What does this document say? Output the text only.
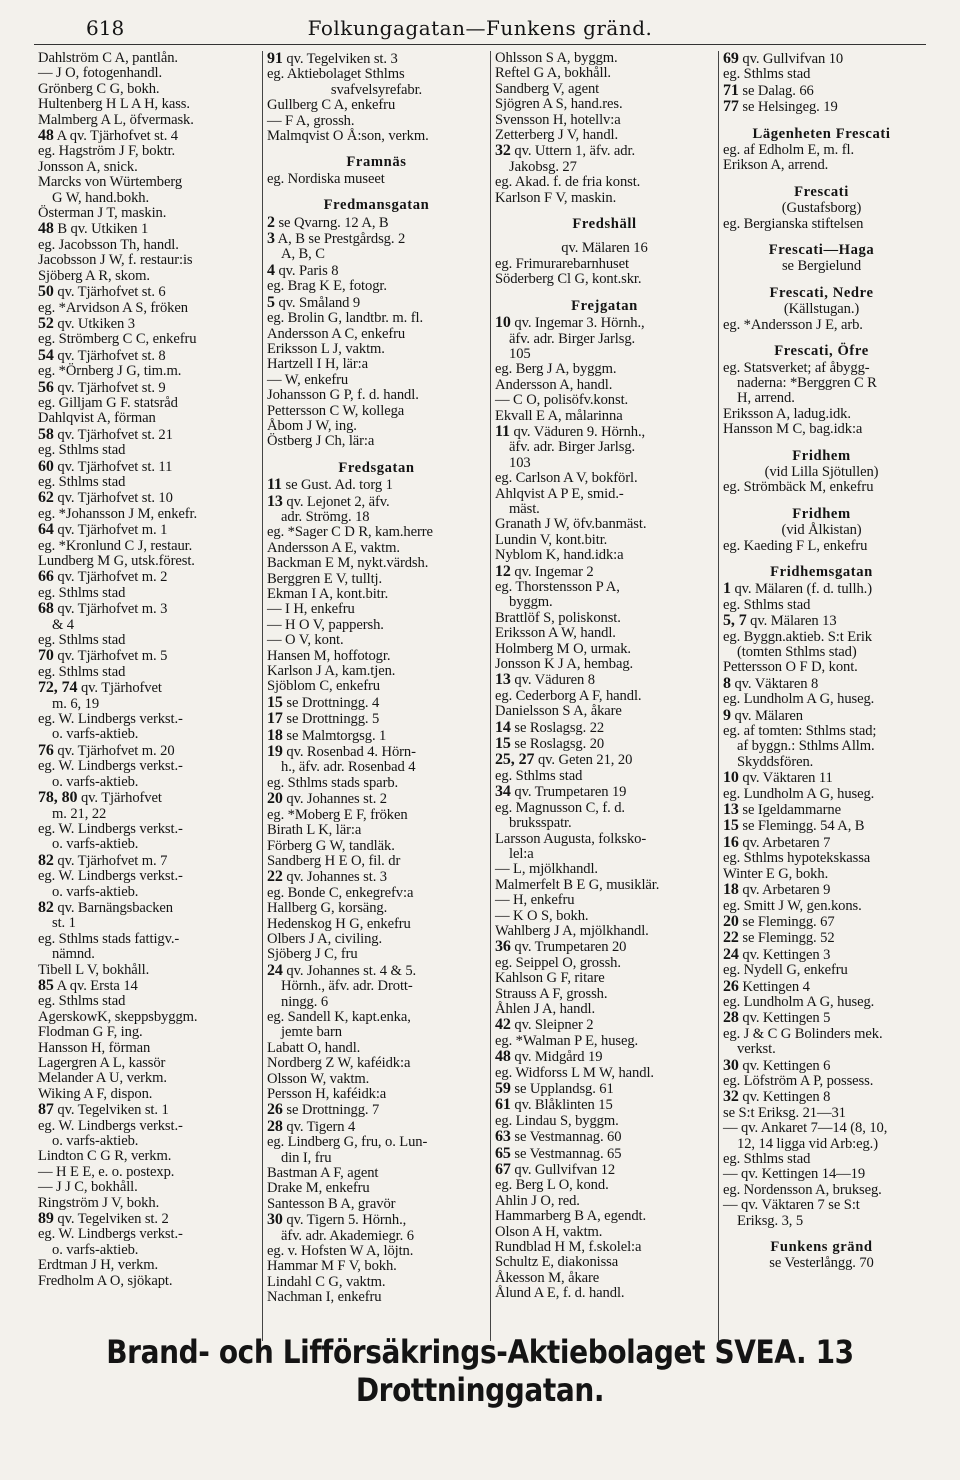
618	Folkungagatan—Funkens gränd.
Dahlström C A, pantlån.
— J O, fotogenhandl.
Grönberg C G, bokh.
Hultenberg H L A H, kass.
Malmberg A L, öfvermask.
48 A qv. Tjärhofvet st. 4
eg. Hagström J F, boktr.
Jonsson A, snick.
Marcks von Würtemberg
G W, hand.bokh.
Österman J T, maskin.
48 B qv. Utkiken 1
eg. Jacobsson Th, handl.
Jacobsson J W, f. restaur:is
Sjöberg A R, skom.
50 qv. Tjärhofvet st. 6
eg. *Arvidson A S, fröken
52 qv. Utkiken 3
eg. Strömberg C C, enkefru
54 qv. Tjärhofvet st. 8
eg. *Örnberg J G, tim.m.
56 qv. Tjärhofvet st. 9
eg. Gilljam G F. statsråd
Dahlqvist A, förman
58 qv. Tjärhofvet st. 21
eg. Sthlms stad
60 qv. Tjärhofvet st. 11
eg. Sthlms stad
62 qv. Tjärhofvet st. 10
eg. *Johansson J M, enkefr.
64 qv. Tjärhofvet m. 1
eg. *Kronlund C J, restaur.
Lundberg M G, utsk.förest.
66 qv. Tjärhofvet m. 2
eg. Sthlms stad
68 qv. Tjärhofvet m. 3
& 4
eg. Sthlms stad
70 qv. Tjärhofvet m. 5
eg. Sthlms stad
72, 74 qv. Tjärhofvet
m. 6, 19
eg. W. Lindbergs verkst.-
o. varfs-aktieb.
76 qv. Tjärhofvet m. 20
eg. W. Lindbergs verkst.-
o. varfs-aktieb.
78, 80 qv. Tjärhofvet
m. 21, 22
eg. W. Lindbergs verkst.-
o. varfs-aktieb.
82 qv. Tjärhofvet m. 7
eg. W. Lindbergs verkst.-
o. varfs-aktieb.
82 qv. Barnängsbacken
st. 1
eg. Sthlms stads fattigv.-
nämnd.
Tibell L V, bokhåll.
85 A qv. Ersta 14
eg. Sthlms stad
AgerskowK, skeppsbyggm.
Flodman G F, ing.
Hansson H, förman
Lagergren A L, kassör
Melander A U, verkm.
Wiking A F, dispon.
87 qv. Tegelviken st. 1
eg. W. Lindbergs verkst.-
o. varfs-aktieb.
Lindton C G R, verkm.
— H E E, e. o. postexp.
— J J C, bokhåll.
Ringström J V, bokh.
89 qv. Tegelviken st. 2
eg. W. Lindbergs verkst.-
o. varfs-aktieb.
Erdtman J H, verkm.
Fredholm A O, sjökapt.
91 qv. Tegelviken st. 3
eg. Aktiebolaget Sthlms
svafvelsyrefabr.
Gullberg C A, enkefru
— F A, grossh.
Malmqvist O Å:son, verkm.
Framnäs
eg. Nordiska museet
Fredmansgatan
2 se Qvarng. 12 A, B
3 A, B se Prestgårdsg. 2
A, B, C
4 qv. Paris 8
eg. Brag K E, fotogr.
5 qv. Småland 9
eg. Brolin G, landtbr. m. fl.
Andersson A C, enkefru
Eriksson L J, vaktm.
Hartzell I H, lär:a
— W, enkefru
Johansson G P, f. d. handl.
Pettersson C W, kollega
Åbom J W, ing.
Östberg J Ch, lär:a
Fredsgatan
11 se Gust. Ad. torg 1
13 qv. Lejonet 2, äfv.
adr. Strömg. 18
eg. *Sager C D R, kam.herre
Andersson A E, vaktm.
Backman E M, nykt.värdsh.
Berggren E V, tulltj.
Ekman I A, kont.bitr.
— I H, enkefru
— H O V, pappersh.
— O V, kont.
Hansen M, hoffotogr.
Karlson J A, kam.tjen.
Sjöblom C, enkefru
15 se Drottningg. 4
17 se Drottningg. 5
18 se Malmtorgsg. 1
19 qv. Rosenbad 4. Hörn-
h., äfv. adr. Rosenbad 4
eg. Sthlms stads sparb.
20 qv. Johannes st. 2
eg. *Moberg E F, fröken
Birath L K, lär:a
Förberg G W, tandläk.
Sandberg H E O, fil. dr
22 qv. Johannes st. 3
eg. Bonde C, enkegrefv:a
Hallberg G, korsäng.
Hedenskog H G, enkefru
Olbers J A, civiling.
Sjöberg J C, fru
24 qv. Johannes st. 4 & 5.
Hörnh., äfv. adr. Drott-
ningg. 6
eg. Sandell K, kapt.enka,
jemte barn
Labatt O, handl.
Nordberg Z W, kaféidk:a
Olsson W, vaktm.
Persson H, kaféidk:a
26 se Drottningg. 7
28 qv. Tigern 4
eg. Lindberg G, fru, o. Lun-
din I, fru
Bastman A F, agent
Drake M, enkefru
Santesson B A, gravör
30 qv. Tigern 5. Hörnh.,
äfv. adr. Akademiegr. 6
eg. v. Hofsten W A, löjtn.
Hammar M F V, bokh.
Lindahl C G, vaktm.
Nachman I, enkefru
Ohlsson S A, byggm.
Reftel G A, bokhåll.
Sandberg V, agent
Sjögren A S, hand.res.
Svensson H, hotellv:a
Zetterberg J V, handl.
32 qv. Uttern 1, äfv. adr.
Jakobsg. 27
eg. Akad. f. de fria konst.
Karlson F V, maskin.
Fredshäll
qv. Mälaren 16
eg. Frimurarebarnhuset
Söderberg Cl G, kont.skr.
Frejgatan
10 qv. Ingemar 3. Hörnh.,
äfv. adr. Birger Jarlsg.
105
eg. Berg J A, byggm.
Andersson A, handl.
— C O, polisöfv.konst.
Ekvall E A, målarinna
11 qv. Väduren 9. Hörnh.,
äfv. adr. Birger Jarlsg.
103
eg. Carlson A V, bokförl.
Ahlqvist A P E, smid.-
mäst.
Granath J W, öfv.banmäst.
Lundin V, kont.bitr.
Nyblom K, hand.idk:a
12 qv. Ingemar 2
eg. Thorstensson P A,
byggm.
Brattlöf S, poliskonst.
Eriksson A W, handl.
Holmberg M O, urmak.
Jonsson K J A, hembag.
13 qv. Väduren 8
eg. Cederborg A F, handl.
Danielsson S A, åkare
14 se Roslagsg. 22
15 se Roslagsg. 20
25, 27 qv. Geten 21, 20
eg. Sthlms stad
34 qv. Trumpetaren 19
eg. Magnusson C, f. d.
bruksspatr.
Larsson Augusta, folksko-
lel:a
— L, mjölkhandl.
Malmerfelt B E G, musiklär.
— H, enkefru
— K O S, bokh.
Wahlberg J A, mjölkhandl.
36 qv. Trumpetaren 20
eg. Seippel O, grossh.
Kahlson G F, ritare
Strauss A F, grossh.
Åhlen J A, handl.
42 qv. Sleipner 2
eg. *Walman P E, huseg.
48 qv. Midgård 19
eg. Widforss L M W, handl.
59 se Upplandsg. 61
61 qv. Blåklinten 15
eg. Lindau S, byggm.
63 se Vestmannag. 60
65 se Vestmannag. 65
67 qv. Gullvifvan 12
eg. Berg L O, kond.
Ahlin J O, red.
Hammarberg B A, egendt.
Olson A H, vaktm.
Rundblad H M, f.skolel:a
Schultz E, diakonissa
Åkesson M, åkare
Ålund A E, f. d. handl.
69 qv. Gullvifvan 10
eg. Sthlms stad
71 se Dalag. 66
77 se Helsingeg. 19
Lägenheten Frescati
eg. af Edholm E, m. fl.
Erikson A, arrend.
Frescati
(Gustafsborg)
eg. Bergianska stiftelsen
Frescati—Haga
se Bergielund
Frescati, Nedre
(Källstugan.)
eg. *Andersson J E, arb.
Frescati, Öfre
eg. Statsverket; af åbygg-
naderna: *Berggren C R
H, arrend.
Eriksson A, ladug.idk.
Hansson M C, bag.idk:a
Fridhem
(vid Lilla Sjötullen)
eg. Strömbäck M, enkefru
Fridhem
(vid Ålkistan)
eg. Kaeding F L, enkefru
Fridhemsgatan
1 qv. Mälaren (f. d. tullh.)
eg. Sthlms stad
5, 7 qv. Mälaren 13
eg. Byggn.aktieb. S:t Erik
(tomten Sthlms stad)
Pettersson O F D, kont.
8 qv. Väktaren 8
eg. Lundholm A G, huseg.
9 qv. Mälaren
eg. af tomten: Sthlms stad;
af byggn.: Sthlms Allm.
Skyddsfören.
10 qv. Väktaren 11
eg. Lundholm A G, huseg.
13 se Igeldammarne
15 se Flemingg. 54 A, B
16 qv. Arbetaren 7
eg. Sthlms hypotekskassa
Winter E G, bokh.
18 qv. Arbetaren 9
eg. Smitt J W, gen.kons.
20 se Flemingg. 67
22 se Flemingg. 52
24 qv. Kettingen 3
eg. Nydell G, enkefru
26 Kettingen 4
eg. Lundholm A G, huseg.
28 qv. Kettingen 5
eg. J & C G Bolinders mek.
verkst.
30 qv. Kettingen 6
eg. Löfström A P, possess.
32 qv. Kettingen 8
se S:t Eriksg. 21—31
— qv. Ankaret 7—14 (8, 10,
12, 14 ligga vid Arb:eg.)
eg. Sthlms stad
— qv. Kettingen 14—19
eg. Nordensson A, brukseg.
— qv. Väktaren 7 se S:t
Eriksg. 3, 5
Funkens gränd
se Vesterlångg. 70
Brand- och Lifförsäkrings-Aktiebolaget SVEA. 13 Drottninggatan.
